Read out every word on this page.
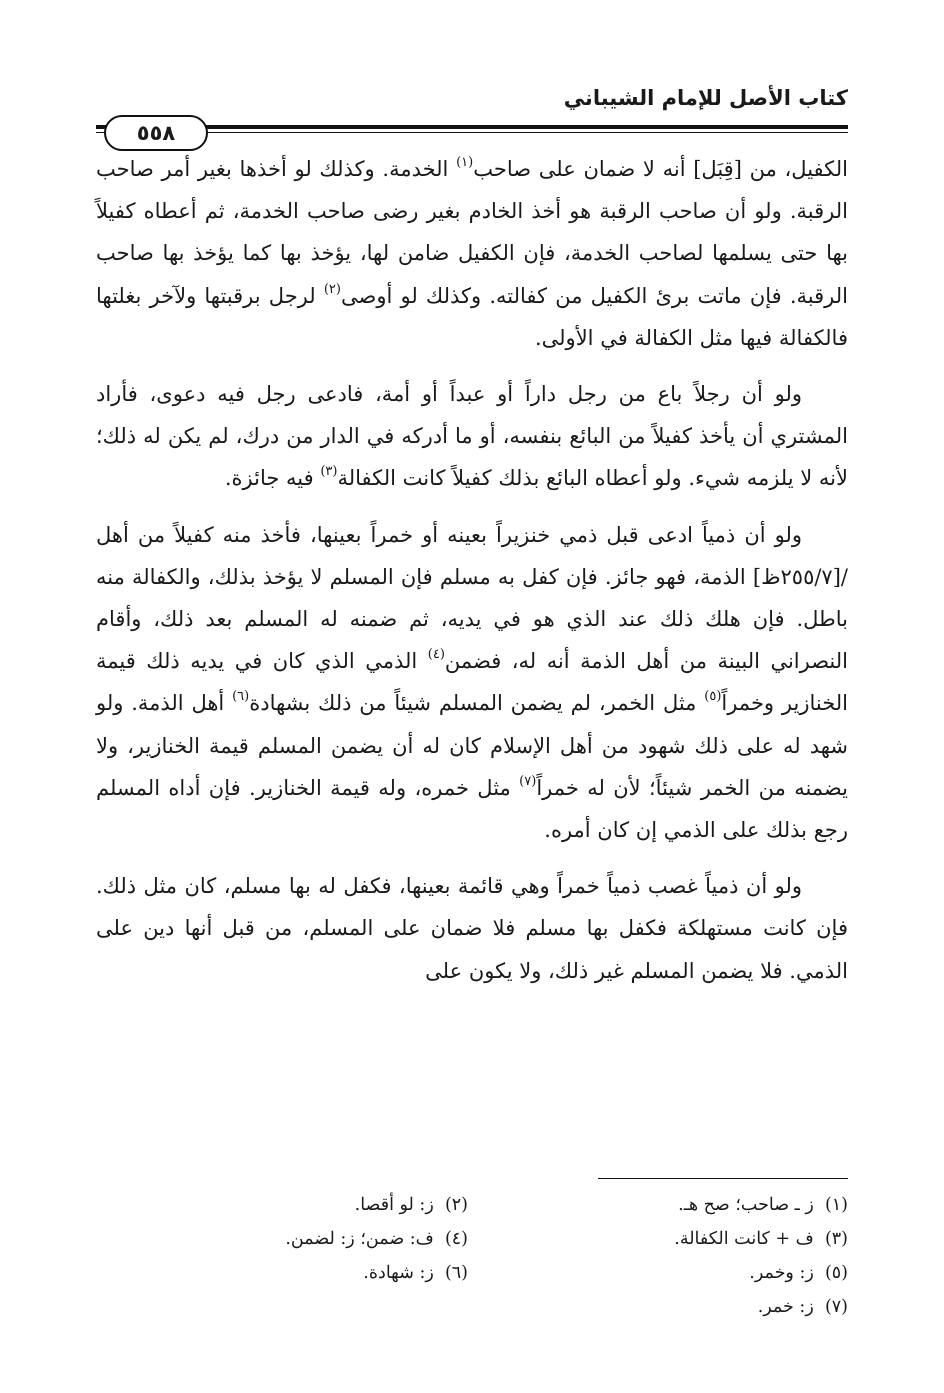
كتاب الأصل للإمام الشيباني
٥٥٨

الكفيل، من [قِبَل] أنه لا ضمان على صاحب$^{(١)}$ الخدمة. وكذلك لو أخذها بغير أمر صاحب الرقبة. ولو أن صاحب الرقبة هو أخذ الخادم بغير رضى صاحب الخدمة، ثم أعطاه كفيلاً بها حتى يسلمها لصاحب الخدمة، فإن الكفيل ضامن لها، يؤخذ بها كما يؤخذ بها صاحب الرقبة. فإن ماتت برئ الكفيل من كفالته. وكذلك لو أوصى$^{(٢)}$ لرجل برقبتها ولآخر بغلتها فالكفالة فيها مثل الكفالة في الأولى.

ولو أن رجلاً باع من رجل داراً أو عبداً أو أمة، فادعى رجل فيه دعوى، فأراد المشتري أن يأخذ كفيلاً من البائع بنفسه، أو ما أدركه في الدار من درك، لم يكن له ذلك؛ لأنه لا يلزمه شيء. ولو أعطاه البائع بذلك كفيلاً كانت الكفالة$^{(٣)}$ فيه جائزة.

ولو أن ذمياً ادعى قبل ذمي خنزيراً بعينه أو خمراً بعينها، فأخذ منه كفيلاً من أهل /[٢٥٥/٧ظ] الذمة، فهو جائز. فإن كفل به مسلم فإن المسلم لا يؤخذ بذلك، والكفالة منه باطل. فإن هلك ذلك عند الذي هو في يديه، ثم ضمنه له المسلم بعد ذلك، وأقام النصراني البينة من أهل الذمة أنه له، فضمن$^{(٤)}$ الذمي الذي كان في يديه ذلك قيمة الخنازير وخمراً$^{(٥)}$ مثل الخمر، لم يضمن المسلم شيئاً من ذلك بشهادة$^{(٦)}$ أهل الذمة. ولو شهد له على ذلك شهود من أهل الإسلام كان له أن يضمن المسلم قيمة الخنازير، ولا يضمنه من الخمر شيئاً؛ لأن له خمراً$^{(٧)}$ مثل خمره، وله قيمة الخنازير. فإن أداه المسلم رجع بذلك على الذمي إن كان أمره.

ولو أن ذمياً غصب ذمياً خمراً وهي قائمة بعينها، فكفل له بها مسلم، كان مثل ذلك. فإن كانت مستهلكة فكفل بها مسلم فلا ضمان على المسلم، من قبل أنها دين على الذمي. فلا يضمن المسلم غير ذلك، ولا يكون على

(١)  ز ـ صاحب؛ صح هـ.
(٢)  ز: لو أقصا.
(٣)  ف + كانت الكفالة.
(٤)  ف: ضمن؛ ز: لضمن.
(٥)  ز: وخمر.
(٦)  ز: شهادة.
(٧)  ز: خمر.
